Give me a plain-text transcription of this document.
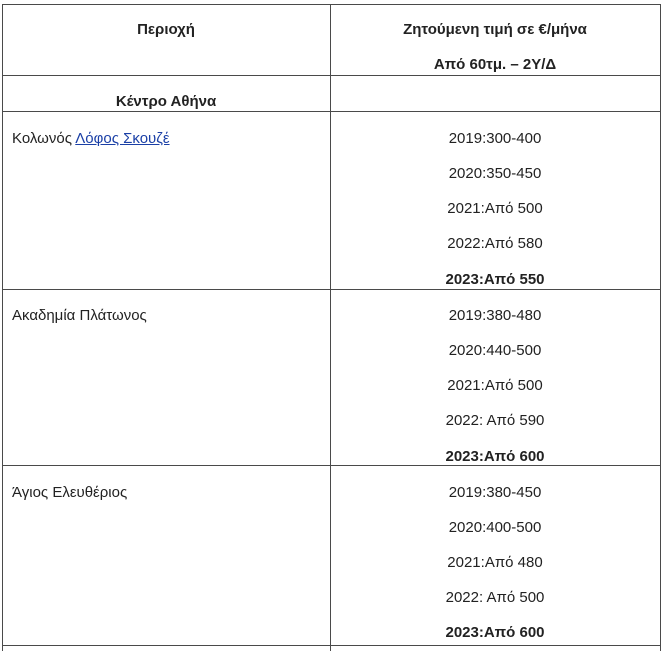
Περιοχή	Ζητούμενη τιμή σε €/μήνα
Από 60τμ. – 2Υ/Δ
Κέντρο Αθήνα
Κολωνός Λόφος Σκουζέ	2019:300-400
2020:350-450
2021:Από 500
2022:Από 580
2023:Από 550
Ακαδημία Πλάτωνος	2019:380-480
2020:440-500
2021:Από 500
2022: Από 590
2023:Από 600
Άγιος Ελευθέριος	2019:380-450
2020:400-500
2021:Από 480
2022: Από 500
2023:Από 600
